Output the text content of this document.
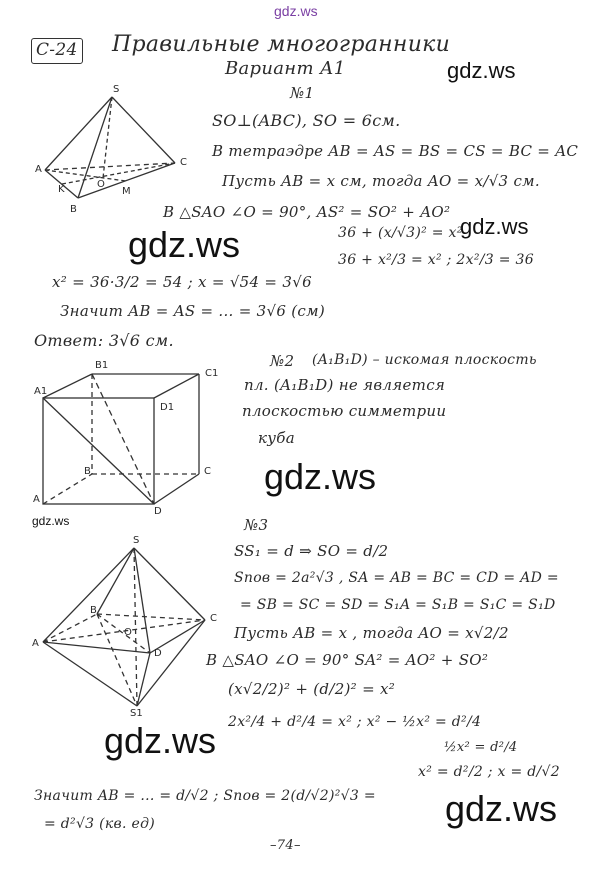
gdz.ws
С-24 Правильные многогранники
Вариант А1	gdz.ws
gdz.ws
gdz.ws
gdz.ws
gdz.ws
gdz.ws
gdz.ws
S
A
C
K	O
M
B
№1
SO⊥(ABC), SO = 6см.
В тетраэдре AB = AS = BS = CS = BC = AC
Пусть AB = x см, тогда AO = x/√3 см.
В △SAO ∠O = 90°, AS² = SO² + AO²
36 + (x/√3)² = x²
36 + x²/3 = x² ; 2x²/3 = 36
x² = 36·3/2 = 54 ; x = √54 = 3√6
Значит AB = AS = ... = 3√6 (см)
Ответ: 3√6 см.
B1
C1
A1
D1
B	C
A
D
№2 (A₁B₁D) – искомая плоскость
пл. (A₁B₁D) не является
плоскостью симметрии
куба
S
B
C
A
D
O
S1
№3
SS₁ = d ⇒ SO = d/2
Sпов = 2a²√3 , SA = AB = BC = CD = AD =
= SB = SC = SD = S₁A = S₁B = S₁C = S₁D
Пусть AB = x , тогда AO = x√2/2
В △SAO ∠O = 90° SA² = AO² + SO²
(x√2/2)² + (d/2)² = x²
2x²/4 + d²/4 = x² ; x² − ½x² = d²/4
½x² = d²/4
x² = d²/2 ; x = d/√2
Значит AB = ... = d/√2 ; Sпов = 2(d/√2)²√3 =
= d²√3 (кв. ед)
–74–
